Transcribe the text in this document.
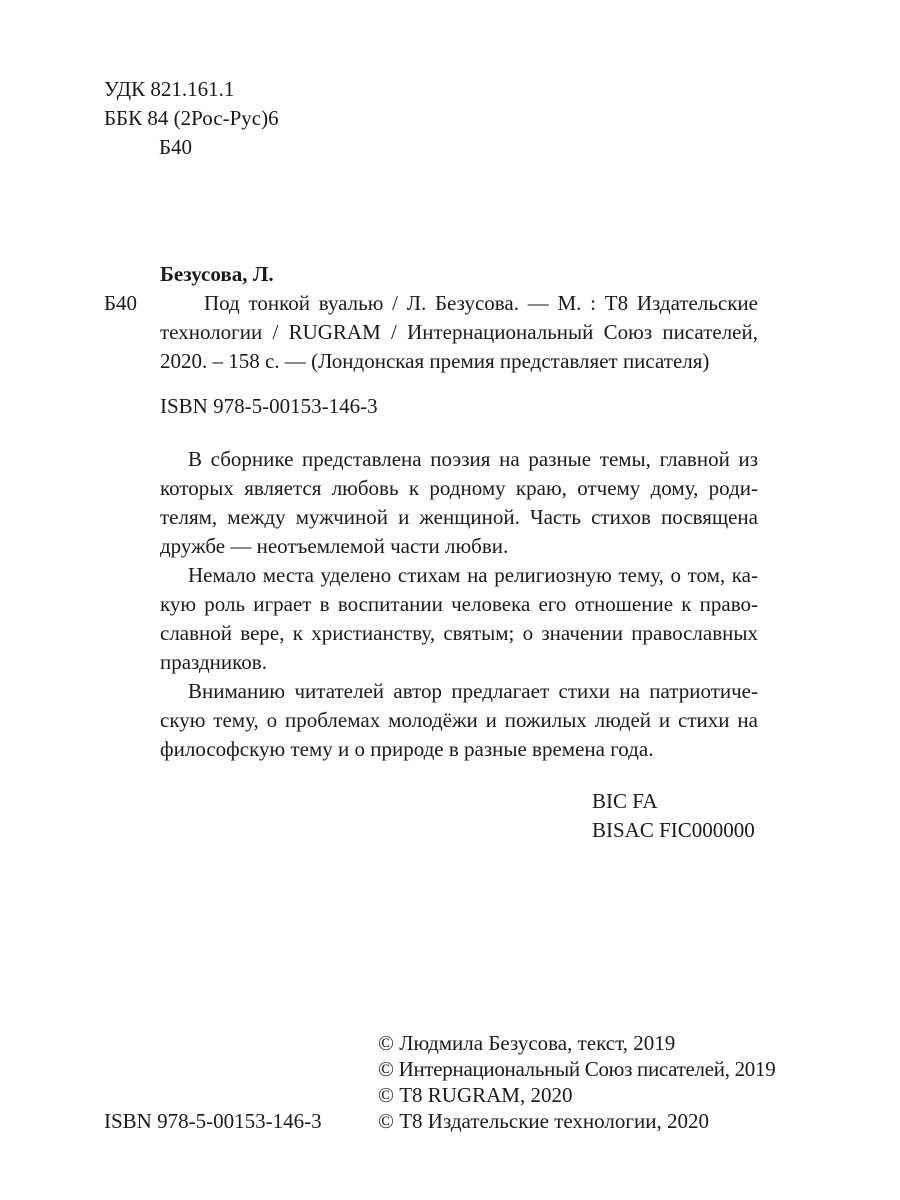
УДК 821.161.1
ББК 84 (2Рос-Рус)6
Б40
Безусова, Л.
Б40	Под тонкой вуалью / Л. Безусова. — М. : Т8 Издательские
технологии / RUGRAM / Интернациональный Союз писателей,
2020. – 158 с. — (Лондонская премия представляет писателя)
ISBN 978-5-00153-146-3
В сборнике представлена поэзия на разные темы, главной из
которых является любовь к родному краю, отчему дому, роди-
телям, между мужчиной и женщиной. Часть стихов посвящена
дружбе — неотъемлемой части любви.
Немало места уделено стихам на религиозную тему, о том, ка-
кую роль играет в воспитании человека его отношение к право-
славной вере, к христианству, святым; о значении православных
праздников.
Вниманию читателей автор предлагает стихи на патриотиче-
скую тему, о проблемах молодёжи и пожилых людей и стихи на
философскую тему и о природе в разные времена года.
BIC FA
BISAC FIC000000
© Людмила Безусова, текст, 2019
© Интернациональный Союз писателей, 2019
© Т8 RUGRAM, 2020
© Т8 Издательские технологии, 2020
ISBN 978-5-00153-146-3
